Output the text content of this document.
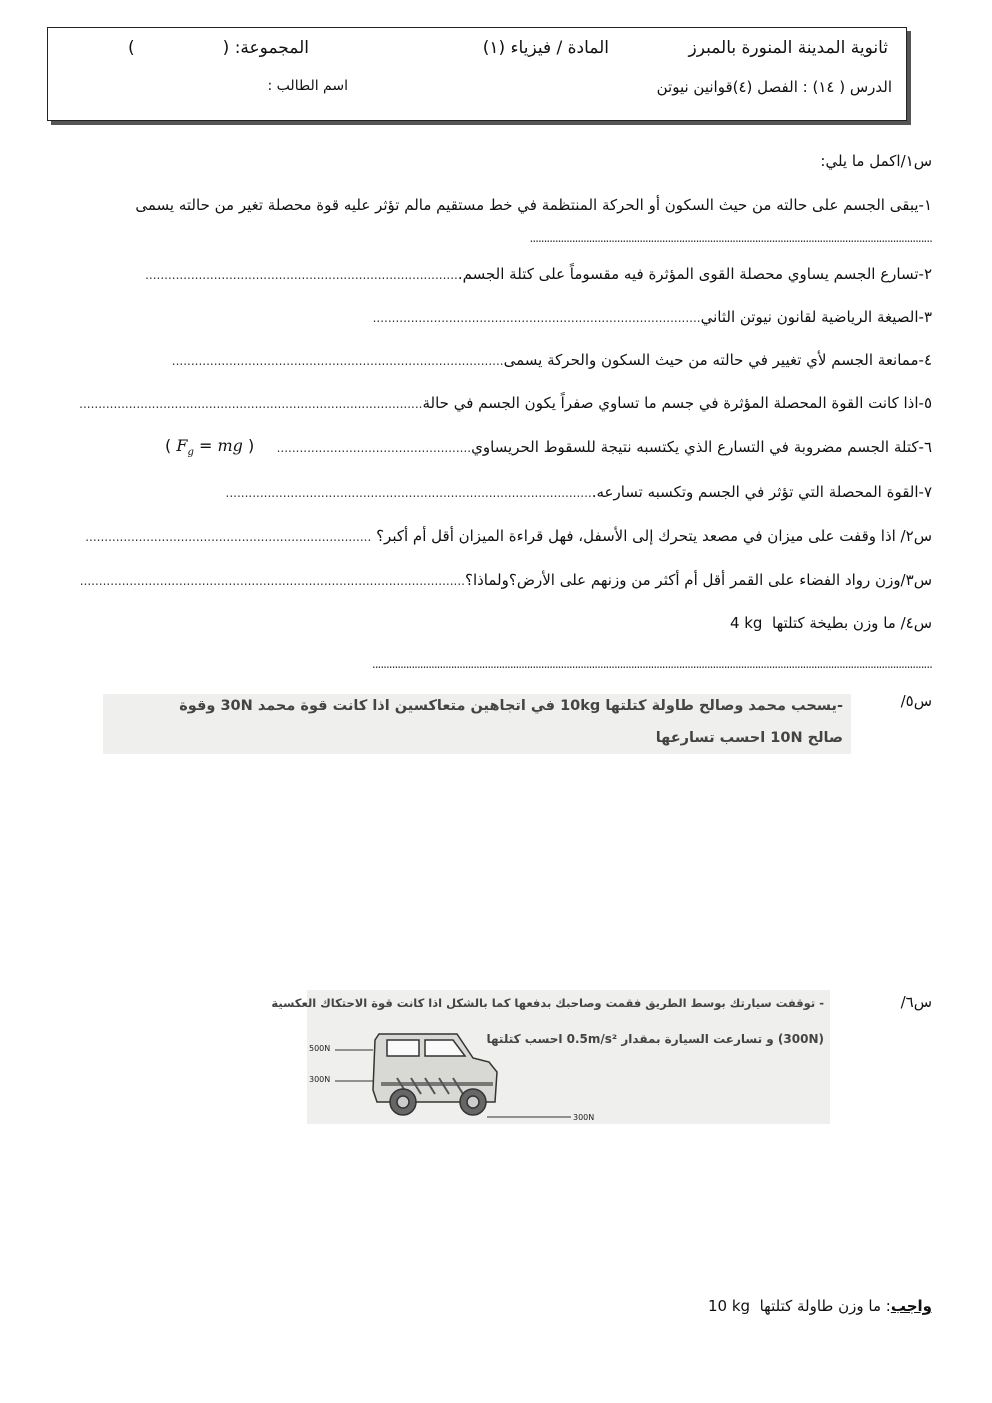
ثانوية المدينة المنورة بالمبرز
المادة / فيزياء (١)
المجموعة: (
)
الدرس ( ١٤) : الفصل (٤)قوانين نيوتن
اسم الطالب :
س١/اكمل ما يلي:
١-يبقى الجسم على حالته من حيث السكون أو الحركة المنتظمة في خط مستقيم مالم تؤثر عليه قوة محصلة تغير من حالته يسمى
...............................................................................................................................................
٢-تسارع الجسم يساوي محصلة القوى المؤثرة فيه مقسوماً على كتلة الجسم...................................................................................
٣-الصيغة الرياضية لقانون نيوتن الثاني......................................................................................
٤-ممانعة الجسم لأي تغيير في حالته من حيث السكون والحركة يسمى.......................................................................................
٥-اذا كانت القوة المحصلة المؤثرة في جسم ما تساوي صفراً يكون الجسم في حالة..........................................................................................
٦-كتلة الجسم مضروبة في التسارع الذي يكتسبه نتيجة للسقوط الحريساوي...................................................
( $F_g$ = mg )
٧-القوة المحصلة التي تؤثر في الجسم وتكسبه تسارعه.................................................................................................
س٢/ اذا وقفت على ميزان في مصعد يتحرك إلى الأسفل، فهل قراءة الميزان أقل أم أكبر؟ ...........................................................................
س٣/وزن رواد الفضاء على القمر أقل أم أكثر من وزنهم على الأرض؟ولماذا؟.....................................................................................................
س٤/ ما وزن بطيخة كتلتها  4 kg
.......................................................................................................................................................................................................
س٥/
-يسحب محمد وصالح طاولة كتلتها 10kg في اتجاهين متعاكسين اذا كانت قوة محمد 30N وقوة
صالح 10N احسب تسارعها
س٦/
- توقفت سيارتك بوسط الطريق فقمت وصاحبك بدفعها كما بالشكل اذا كانت قوة الاحتكاك العكسية
(300N) و تسارعت السيارة بمقدار 0.5m/s² احسب كتلتها
500N
300N
300N
واجب: ما وزن طاولة كتلتها  10 kg
